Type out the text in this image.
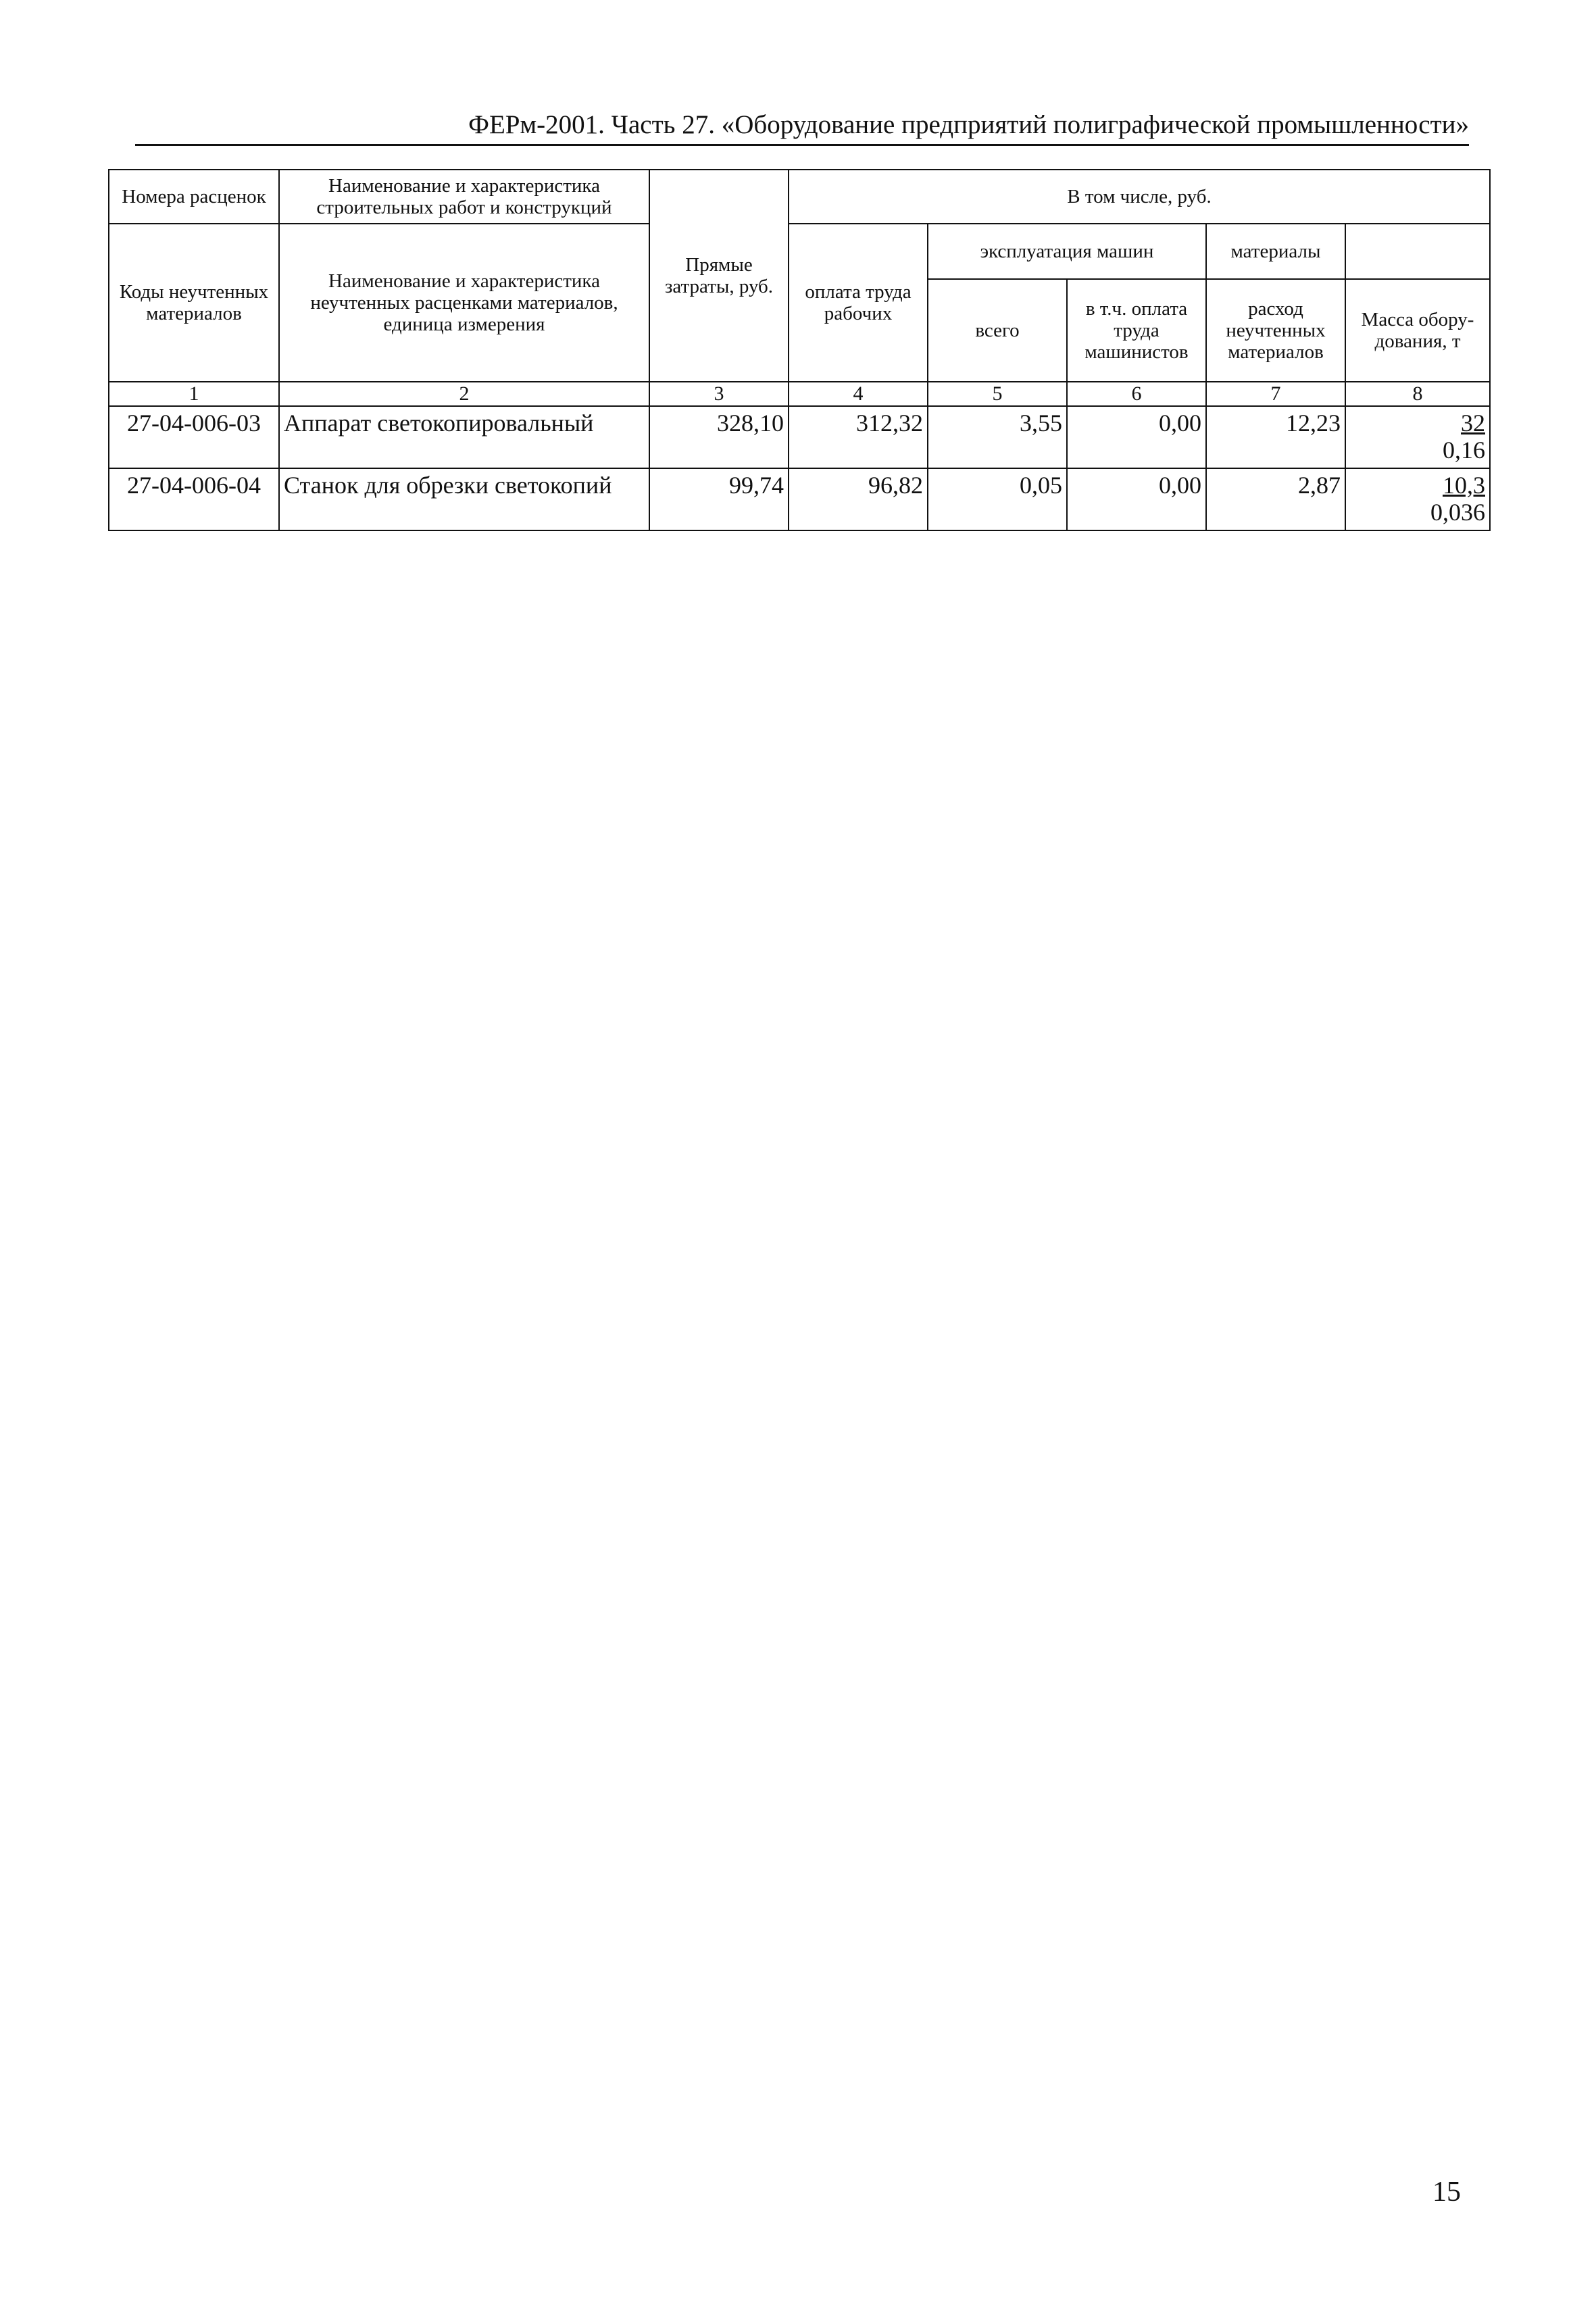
ФЕРм-2001. Часть 27. «Оборудование предприятий полиграфической промышленности»
Номера расценок	Наименование и характеристика строительных работ и конструкций	Прямые затраты, руб.	В том числе, руб.	
Коды неучтенных материалов	Наименование и характеристика неучтенных расценками материалов, единица измерения		оплата труда рабочих	эксплуатация машин		материалы		
				всего	в т.ч. оплата труда машинистов	расход неучтенных материалов	Масса обору- дования, т	
1	2	3	4	5	6	7	8	
27-04-006-03	Аппарат светокопировальный	328,10	312,32	3,55	0,00	12,23	32
0,16	

27-04-006-04	Станок для обрезки светокопий	99,74	96,82	0,05	0,00	2,87	10,3
0,036	
15
